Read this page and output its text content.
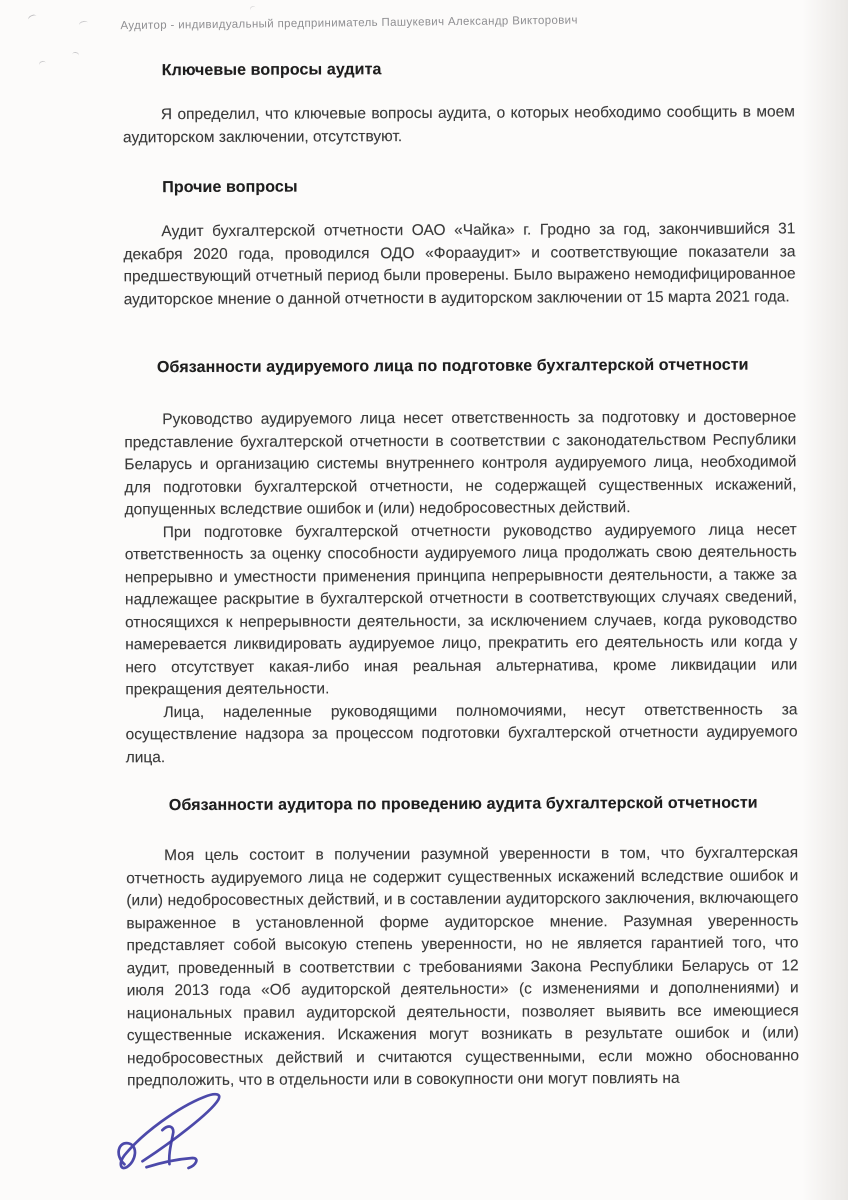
Аудитор - индивидуальный предприниматель Пашукевич Александр Викторович
Ключевые вопросы аудита

Я определил, что ключевые вопросы аудита, о которых необходимо сообщить в моем аудиторском заключении, отсутствуют.

Прочие вопросы

Аудит бухгалтерской отчетности ОАО «Чайка» г. Гродно за год, закончившийся 31 декабря 2020 года, проводился ОДО «Форааудит» и соответствующие показатели за предшествующий отчетный период были проверены. Было выражено немодифицированное аудиторское мнение о данной отчетности в аудиторском заключении от 15 марта 2021 года.

Обязанности аудируемого лица по подготовке бухгалтерской отчетности

Руководство аудируемого лица несет ответственность за подготовку и достоверное представление бухгалтерской отчетности в соответствии с законодательством Республики Беларусь и организацию системы внутреннего контроля аудируемого лица, необходимой для подготовки бухгалтерской отчетности, не содержащей существенных искажений, допущенных вследствие ошибок и (или) недобросовестных действий.

При подготовке бухгалтерской отчетности руководство аудируемого лица несет ответственность за оценку способности аудируемого лица продолжать свою деятельность непрерывно и уместности применения принципа непрерывности деятельности, а также за надлежащее раскрытие в бухгалтерской отчетности в соответствующих случаях сведений, относящихся к непрерывности деятельности, за исключением случаев, когда руководство намеревается ликвидировать аудируемое лицо, прекратить его деятельность или когда у него отсутствует какая-либо иная реальная альтернатива, кроме ликвидации или прекращения деятельности.

Лица, наделенные руководящими полномочиями, несут ответственность за осуществление надзора за процессом подготовки бухгалтерской отчетности аудируемого лица.

Обязанности аудитора по проведению аудита бухгалтерской отчетности

Моя цель состоит в получении разумной уверенности в том, что бухгалтерская отчетность аудируемого лица не содержит существенных искажений вследствие ошибок и (или) недобросовестных действий, и в составлении аудиторского заключения, включающего выраженное в установленной форме аудиторское мнение. Разумная уверенность представляет собой высокую степень уверенности, но не является гарантией того, что аудит, проведенный в соответствии с требованиями Закона Республики Беларусь от 12 июля 2013 года «Об аудиторской деятельности» (с изменениями и дополнениями) и национальных правил аудиторской деятельности, позволяет выявить все имеющиеся существенные искажения. Искажения могут возникать в результате ошибок и (или) недобросовестных действий и считаются существенными, если можно обоснованно предположить, что в отдельности или в совокупности они могут повлиять на
